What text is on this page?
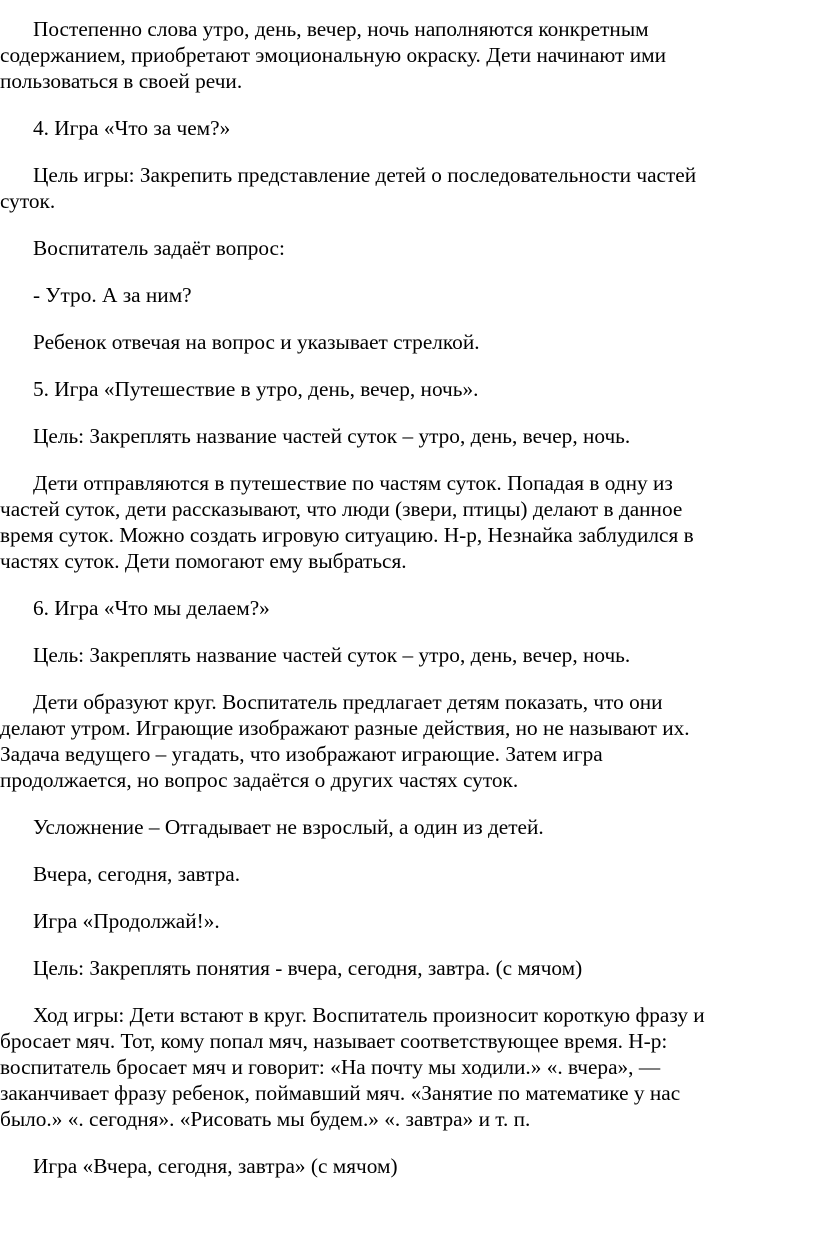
Постепенно слова утро, день, вечер, ночь наполняются конкретным
содержанием, приобретают эмоциональную окраску. Дети начинают ими
пользоваться в своей речи.

4. Игра «Что за чем?»

Цель игры: Закрепить представление детей о последовательности частей
суток.

Воспитатель задаёт вопрос:

- Утро. А за ним?

Ребенок отвечая на вопрос и указывает стрелкой.

5. Игра «Путешествие в утро, день, вечер, ночь».

Цель: Закреплять название частей суток – утро, день, вечер, ночь.

Дети отправляются в путешествие по частям суток. Попадая в одну из
частей суток, дети рассказывают, что люди (звери, птицы) делают в данное
время суток. Можно создать игровую ситуацию. Н-р, Незнайка заблудился в
частях суток. Дети помогают ему выбраться.

6. Игра «Что мы делаем?»

Цель: Закреплять название частей суток – утро, день, вечер, ночь.

Дети образуют круг. Воспитатель предлагает детям показать, что они
делают утром. Играющие изображают разные действия, но не называют их.
Задача ведущего – угадать, что изображают играющие. Затем игра
продолжается, но вопрос задаётся о других частях суток.

Усложнение – Отгадывает не взрослый, а один из детей.

Вчера, сегодня, завтра.

Игра «Продолжай!».

Цель: Закреплять понятия - вчера, сегодня, завтра. (с мячом)

Ход игры: Дети встают в круг. Воспитатель произносит короткую фразу и
бросает мяч. Тот, кому попал мяч, называет соответствующее время. Н-р:
воспитатель бросает мяч и говорит: «На почту мы ходили.» «. вчера», —
заканчивает фразу ребенок, поймавший мяч. «Занятие по математике у нас
было.» «. сегодня». «Рисовать мы будем.» «. завтра» и т. п.

Игра «Вчера, сегодня, завтра» (с мячом)
